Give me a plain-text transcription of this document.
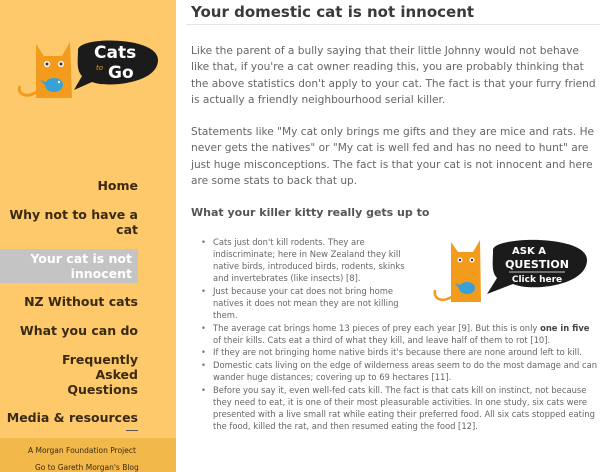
Cats
to Go
Home
Why not to have a cat
Your cat is not innocent
NZ Without cats
What you can do
Frequently Asked Questions
Media & resources
A Morgan Foundation Project
Go to Gareth Morgan's Blog
Your domestic cat is not innocent

Like the parent of a bully saying that their little Johnny would not behave like that, if you're a cat owner reading this, you are probably thinking that the above statistics don't apply to your cat. The fact is that your furry friend is actually a friendly neighbourhood serial killer.

Statements like "My cat only brings me gifts and they are mice and rats. He never gets the natives" or "My cat is well fed and has no need to hunt" are just huge misconceptions. The fact is that your cat is not innocent and here are some stats to back that up.

What your killer kitty really gets up to
• Cats just don't kill rodents. They are indiscriminate; here in New Zealand they kill native birds, introduced birds, rodents, skinks and invertebrates (like insects) [8].
• Just because your cat does not bring home natives it does not mean they are not killing them.
• The average cat brings home 13 pieces of prey each year [9]. But this is only one in five of their kills. Cats eat a third of what they kill, and leave half of them to rot [10].
• If they are not bringing home native birds it's because there are none around left to kill.
• Domestic cats living on the edge of wilderness areas seem to do the most damage and can wander huge distances; covering up to 69 hectares [11].
• Before you say it, even well-fed cats kill. The fact is that cats kill on instinct, not because they need to eat, it is one of their most pleasurable activities. In one study, six cats were presented with a live small rat while eating their preferred food. All six cats stopped eating the food, killed the rat, and then resumed eating the food [12].
ASK A
QUESTION
Click here
